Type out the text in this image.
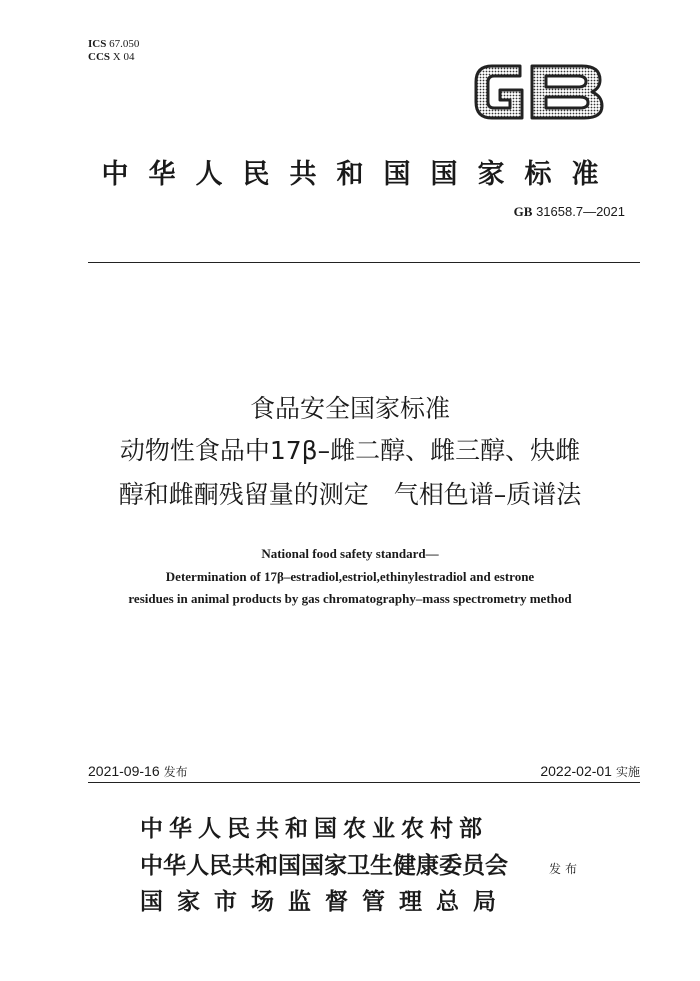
ICS 67.050
CCS X 04
中华人民共和国国家标准
GB 31658.7—2021
食品安全国家标准
动物性食品中17β–雌二醇、雌三醇、炔雌
醇和雌酮残留量的测定　气相色谱–质谱法
National food safety standard—
Determination of 17β–estradiol,estriol,ethinylestradiol and estrone
residues in animal products by gas chromatography–mass spectrometry method
2021-09-16 发布	2022-02-01 实施
中华人民共和国农业农村部
中华人民共和国国家卫生健康委员会
国家市场监督管理总局
发布
